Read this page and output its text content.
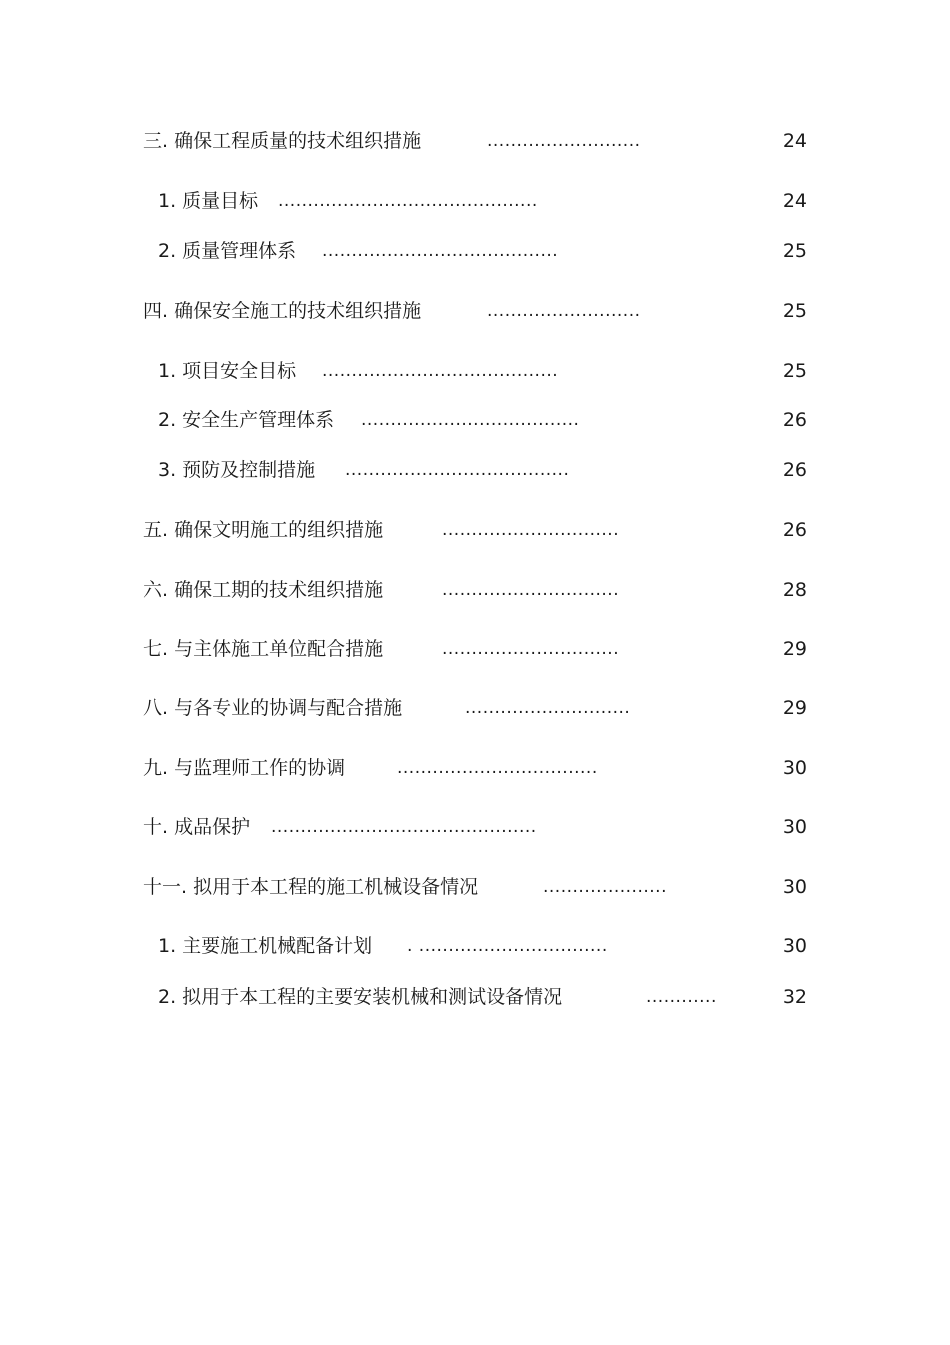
三. 确保工程质量的技术组织措施	..........................	24
1. 质量目标 ............................................	24
2. 质量管理体系 ........................................	25
四. 确保安全施工的技术组织措施	..........................	25
1. 项目安全目标 ........................................	25
2. 安全生产管理体系 .....................................	26
3. 预防及控制措施 ......................................	26
五. 确保文明施工的组织措施	..............................	26
六. 确保工期的技术组织措施	..............................	28
七. 与主体施工单位配合措施	..............................	29
八. 与各专业的协调与配合措施	............................	29
九. 与监理师工作的协调	..................................	30
十. 成品保护 .............................................	30
十一. 拟用于本工程的施工机械设备情况	.....................	30
1. 主要施工机械配备计划 . ................................	30
2. 拟用于本工程的主要安装机械和测试设备情况	............	32
